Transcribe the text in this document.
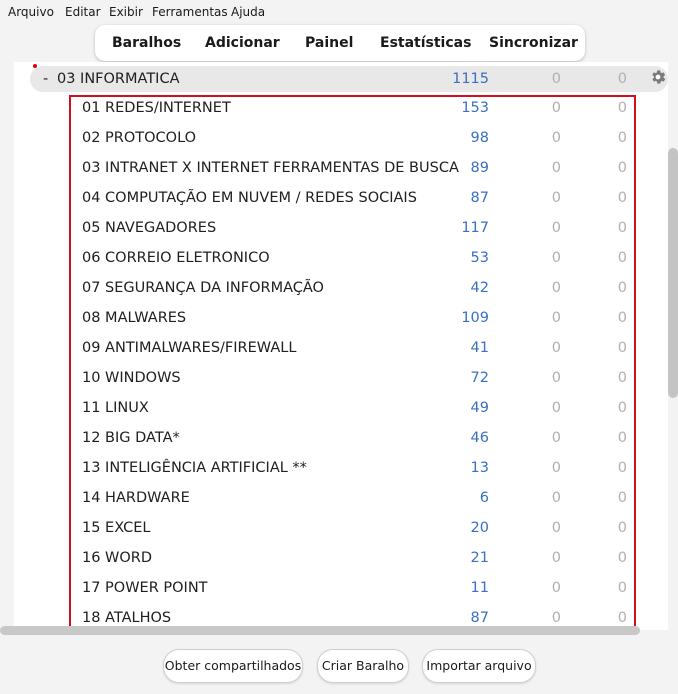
Arquivo Editar Exibir Ferramentas Ajuda
Baralhos Adicionar Painel Estatísticas Sincronizar
- 03 INFORMATICA	1115	0	0
01 REDES/INTERNET	153	0	0
02 PROTOCOLO	98	0	0
03 INTRANET X INTERNET FERRAMENTAS DE BUSCA 89	0	0
04 COMPUTAÇÃO EM NUVEM / REDES SOCIAIS	87	0	0
05 NAVEGADORES	117	0	0
06 CORREIO ELETRONICO	53	0	0
07 SEGURANÇA DA INFORMAÇÃO	42	0	0
08 MALWARES	109	0	0
09 ANTIMALWARES/FIREWALL	41	0	0
10 WINDOWS	72	0	0
11 LINUX	49	0	0
12 BIG DATA*	46	0	0
13 INTELIGÊNCIA ARTIFICIAL **	13	0	0
14 HARDWARE	6	0	0
15 EXCEL	20	0	0
16 WORD	21	0	0
17 POWER POINT	11	0	0
18 ATALHOS	87	0	0
Obter compartilhados	Criar Baralho	Importar arquivo
